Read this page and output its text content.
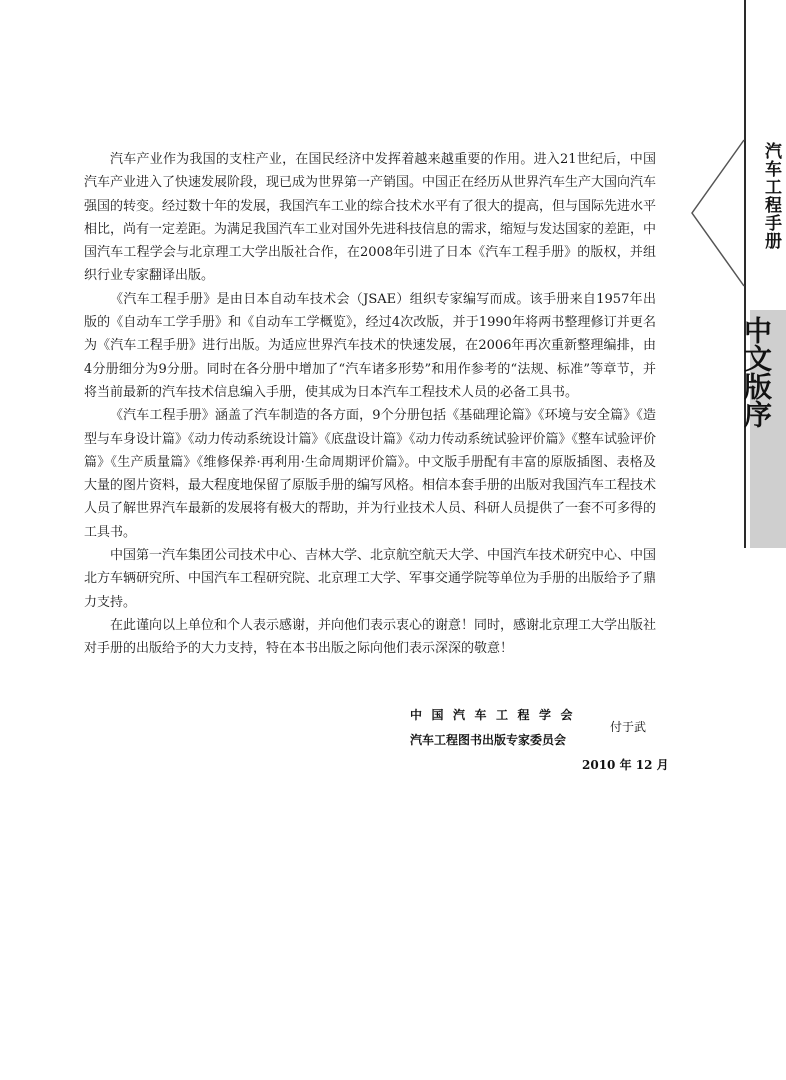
汽车工程手册
中文版序

汽车产业作为我国的支柱产业，在国民经济中发挥着越来越重要的作用。进入21世纪后，中国汽车产业进入了快速发展阶段，现已成为世界第一产销国。中国正在经历从世界汽车生产大国向汽车强国的转变。经过数十年的发展，我国汽车工业的综合技术水平有了很大的提高，但与国际先进水平相比，尚有一定差距。为满足我国汽车工业对国外先进科技信息的需求，缩短与发达国家的差距，中国汽车工程学会与北京理工大学出版社合作，在2008年引进了日本《汽车工程手册》的版权，并组织行业专家翻译出版。

《汽车工程手册》是由日本自动车技术会（JSAE）组织专家编写而成。该手册来自1957年出版的《自动车工学手册》和《自动车工学概览》，经过4次改版，并于1990年将两书整理修订并更名为《汽车工程手册》进行出版。为适应世界汽车技术的快速发展，在2006年再次重新整理编排，由4分册细分为9分册。同时在各分册中增加了“汽车诸多形势”和用作参考的“法规、标准”等章节，并将当前最新的汽车技术信息编入手册，使其成为日本汽车工程技术人员的必备工具书。

《汽车工程手册》涵盖了汽车制造的各方面，9个分册包括《基础理论篇》《环境与安全篇》《造型与车身设计篇》《动力传动系统设计篇》《底盘设计篇》《动力传动系统试验评价篇》《整车试验评价篇》《生产质量篇》《维修保养·再利用·生命周期评价篇》。中文版手册配有丰富的原版插图、表格及大量的图片资料，最大程度地保留了原版手册的编写风格。相信本套手册的出版对我国汽车工程技术人员了解世界汽车最新的发展将有极大的帮助，并为行业技术人员、科研人员提供了一套不可多得的工具书。

中国第一汽车集团公司技术中心、吉林大学、北京航空航天大学、中国汽车技术研究中心、中国北方车辆研究所、中国汽车工程研究院、北京理工大学、军事交通学院等单位为手册的出版给予了鼎力支持。

在此谨向以上单位和个人表示感谢，并向他们表示衷心的谢意！同时，感谢北京理工大学出版社对手册的出版给予的大力支持，特在本书出版之际向他们表示深深的敬意！

中国汽车工程学会
汽车工程图书出版专家委员会
付于武
2010 年 12 月
